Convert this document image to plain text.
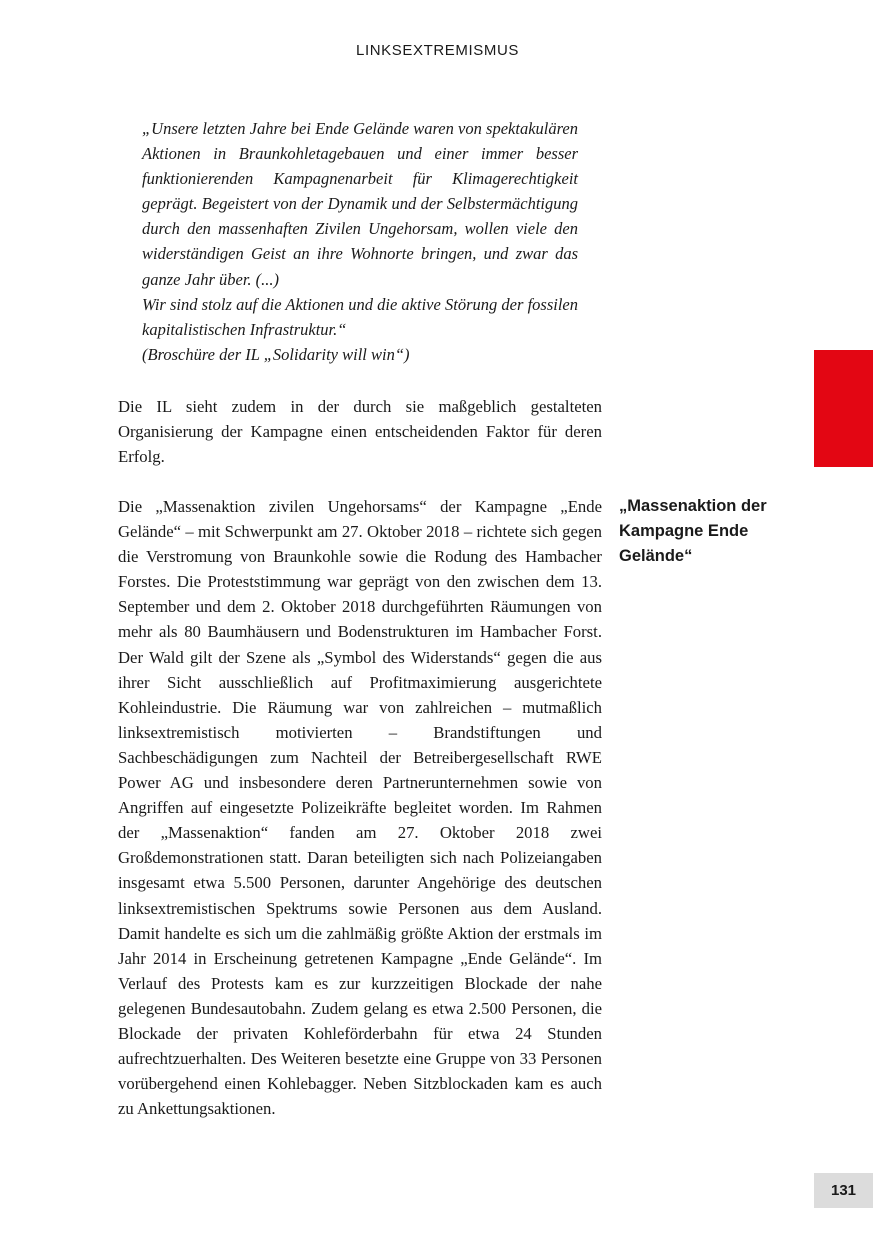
LINKSEXTREMISMUS

„Unsere letzten Jahre bei Ende Gelände waren von spektakulären Aktionen in Braunkohletagebauen und einer immer besser funktionierenden Kampagnenarbeit für Klimagerechtigkeit geprägt. Begeistert von der Dynamik und der Selbstermächtigung durch den massenhaften Zivilen Ungehorsam, wollen viele den widerständigen Geist an ihre Wohnorte bringen, und zwar das ganze Jahr über. (...)

Wir sind stolz auf die Aktionen und die aktive Störung der fossilen kapitalistischen Infrastruktur.“

(Broschüre der IL „Solidarity will win“)

Die IL sieht zudem in der durch sie maßgeblich gestalteten Organisierung der Kampagne einen entscheidenden Faktor für deren Erfolg.

Die „Massenaktion zivilen Ungehorsams“ der Kampagne „Ende Gelände“ – mit Schwerpunkt am 27. Oktober 2018 – richtete sich gegen die Verstromung von Braunkohle sowie die Rodung des Hambacher Forstes. Die Proteststimmung war geprägt von den zwischen dem 13. September und dem 2. Oktober 2018 durchgeführten Räumungen von mehr als 80 Baumhäusern und Bodenstrukturen im Hambacher Forst. Der Wald gilt der Szene als „Symbol des Widerstands“ gegen die aus ihrer Sicht ausschließlich auf Profitmaximierung ausgerichtete Kohleindustrie. Die Räumung war von zahlreichen – mutmaßlich linksextremistisch motivierten – Brandstiftungen und Sachbeschädigungen zum Nachteil der Betreibergesellschaft RWE Power AG und insbesondere deren Partnerunternehmen sowie von Angriffen auf eingesetzte Polizeikräfte begleitet worden. Im Rahmen der „Massenaktion“ fanden am 27. Oktober 2018 zwei Großdemonstrationen statt. Daran beteiligten sich nach Polizeiangaben insgesamt etwa 5.500 Personen, darunter Angehörige des deutschen linksextremistischen Spektrums sowie Personen aus dem Ausland. Damit handelte es sich um die zahlmäßig größte Aktion der erstmals im Jahr 2014 in Erscheinung getretenen Kampagne „Ende Gelände“. Im Verlauf des Protests kam es zur kurzzeitigen Blockade der nahe gelegenen Bundesautobahn. Zudem gelang es etwa 2.500 Personen, die Blockade der privaten Kohleförderbahn für etwa 24 Stunden aufrechtzuerhalten. Des Weiteren besetzte eine Gruppe von 33 Personen vorübergehend einen Kohlebagger. Neben Sitzblockaden kam es auch zu Ankettungsaktionen.

„Massenaktion der Kampagne Ende Gelände“
131
